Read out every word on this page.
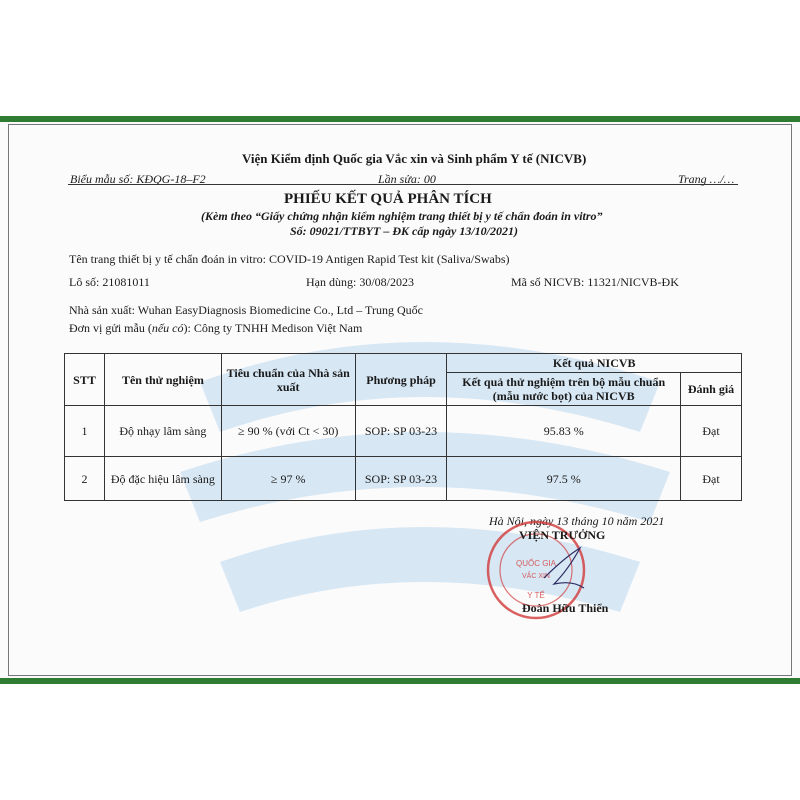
Viện Kiểm định Quốc gia Vắc xin và Sinh phẩm Y tế (NICVB)
Biểu mẫu số: KĐQG-18–F2	Lần sửa: 00	Trang …/…
PHIẾU KẾT QUẢ PHÂN TÍCH
(Kèm theo “Giấy chứng nhận kiểm nghiệm trang thiết bị y tế chẩn đoán in vitro”
Số: 09021/TTBYT – ĐK cấp ngày 13/10/2021)
Tên trang thiết bị y tế chẩn đoán in vitro: COVID-19 Antigen Rapid Test kit (Saliva/Swabs)
Lô số: 21081011	Hạn dùng: 30/08/2023	Mã số NICVB: 11321/NICVB-ĐK
Nhà sản xuất: Wuhan EasyDiagnosis Biomedicine Co., Ltd – Trung Quốc
Đơn vị gửi mẫu (nếu có): Công ty TNHH Medison Việt Nam
STT	Tên thử nghiệm	Tiêu chuẩn của Nhà sản xuất	Phương pháp	Kết quả NICVB	
				Kết quả thử nghiệm trên bộ mẫu chuẩn (mẫu nước bọt) của NICVB	Đánh giá
1	Độ nhạy lâm sàng	≥ 90 % (với Ct < 30)	SOP: SP 03-23	95.83 %	Đạt
2	Độ đặc hiệu lâm sàng	≥ 97 %	SOP: SP 03-23	97.5 %	Đạt
Hà Nội, ngày 13 tháng 10 năm 2021
QUỐC GIA
VẮC XIN
Y TẾ
VIỆN TRƯỞNG
Đoàn Hữu Thiển
